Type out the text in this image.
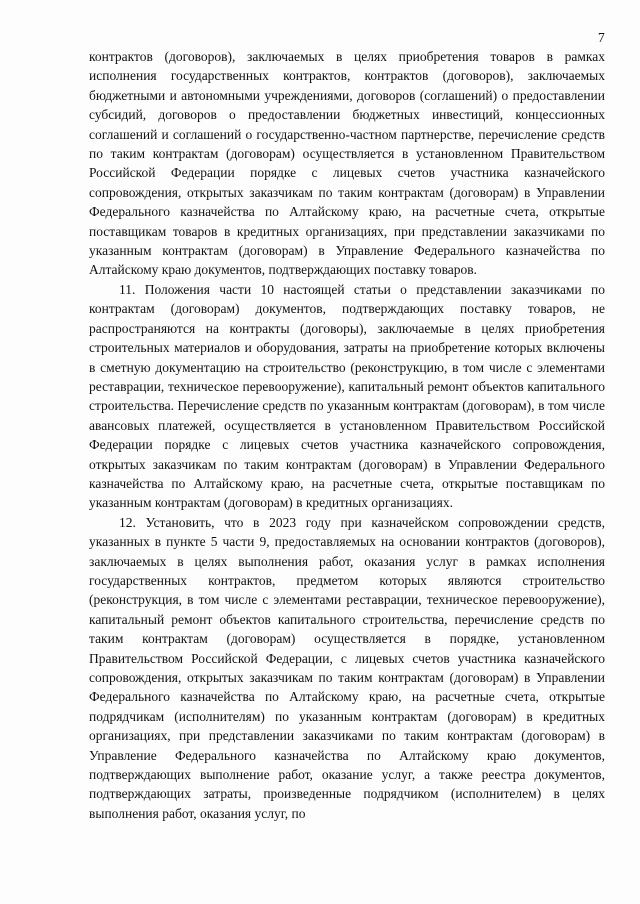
7

контрактов (договоров), заключаемых в целях приобретения товаров в рамках исполнения государственных контрактов, контрактов (договоров), заключаемых бюджетными и автономными учреждениями, договоров (соглашений) о предоставлении субсидий, договоров о предоставлении бюджетных инвестиций, концессионных соглашений и соглашений о государственно-частном партнерстве, перечисление средств по таким контрактам (договорам) осуществляется в установленном Правительством Российской Федерации порядке с лицевых счетов участника казначейского сопровождения, открытых заказчикам по таким контрактам (договорам) в Управлении Федерального казначейства по Алтайскому краю, на расчетные счета, открытые поставщикам товаров в кредитных организациях, при представлении заказчиками по указанным контрактам (договорам) в Управление Федерального казначейства по Алтайскому краю документов, подтверждающих поставку товаров.

11. Положения части 10 настоящей статьи о представлении заказчиками по контрактам (договорам) документов, подтверждающих поставку товаров, не распространяются на контракты (договоры), заключаемые в целях приобретения строительных материалов и оборудования, затраты на приобретение которых включены в сметную документацию на строительство (реконструкцию, в том числе с элементами реставрации, техническое перевооружение), капитальный ремонт объектов капитального строительства. Перечисление средств по указанным контрактам (договорам), в том числе авансовых платежей, осуществляется в установленном Правительством Российской Федерации порядке с лицевых счетов участника казначейского сопровождения, открытых заказчикам по таким контрактам (договорам) в Управлении Федерального казначейства по Алтайскому краю, на расчетные счета, открытые поставщикам по указанным контрактам (договорам) в кредитных организациях.

12. Установить, что в 2023 году при казначейском сопровождении средств, указанных в пункте 5 части 9, предоставляемых на основании контрактов (договоров), заключаемых в целях выполнения работ, оказания услуг в рамках исполнения государственных контрактов, предметом которых являются строительство (реконструкция, в том числе с элементами реставрации, техническое перевооружение), капитальный ремонт объектов капитального строительства, перечисление средств по таким контрактам (договорам) осуществляется в порядке, установленном Правительством Российской Федерации, с лицевых счетов участника казначейского сопровождения, открытых заказчикам по таким контрактам (договорам) в Управлении Федерального казначейства по Алтайскому краю, на расчетные счета, открытые подрядчикам (исполнителям) по указанным контрактам (договорам) в кредитных организациях, при представлении заказчиками по таким контрактам (договорам) в Управление Федерального казначейства по Алтайскому краю документов, подтверждающих выполнение работ, оказание услуг, а также реестра документов, подтверждающих затраты, произведенные подрядчиком (исполнителем) в целях выполнения работ, оказания услуг, по
